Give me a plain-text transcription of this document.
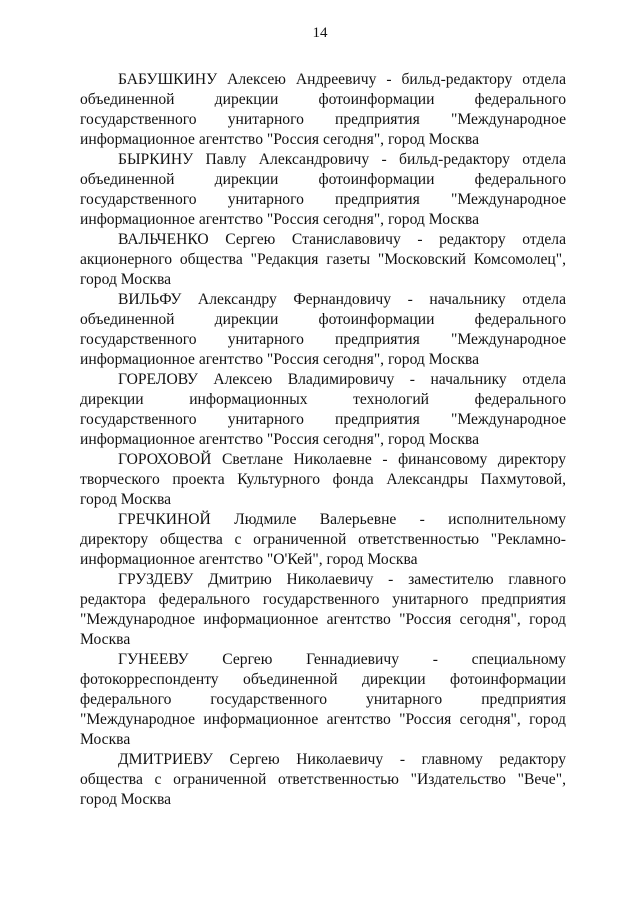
14

БАБУШКИНУ Алексею Андреевичу - бильд-редактору отдела
объединенной дирекции фотоинформации федерального
государственного унитарного предприятия "Международное
информационное агентство "Россия сегодня", город Москва

БЫРКИНУ Павлу Александровичу - бильд-редактору отдела
объединенной дирекции фотоинформации федерального
государственного унитарного предприятия "Международное
информационное агентство "Россия сегодня", город Москва

ВАЛЬЧЕНКО Сергею Станиславовичу - редактору отдела
акционерного общества "Редакция газеты "Московский Комсомолец",
город Москва

ВИЛЬФУ Александру Фернандовичу - начальнику отдела
объединенной дирекции фотоинформации федерального
государственного унитарного предприятия "Международное
информационное агентство "Россия сегодня", город Москва

ГОРЕЛОВУ Алексею Владимировичу - начальнику отдела
дирекции информационных технологий федерального
государственного унитарного предприятия "Международное
информационное агентство "Россия сегодня", город Москва

ГОРОХОВОЙ Светлане Николаевне - финансовому директору
творческого проекта Культурного фонда Александры Пахмутовой,
город Москва

ГРЕЧКИНОЙ Людмиле Валерьевне - исполнительному
директору общества с ограниченной ответственностью "Рекламно-
информационное агентство "О'Кей", город Москва

ГРУЗДЕВУ Дмитрию Николаевичу - заместителю главного
редактора федерального государственного унитарного предприятия
"Международное информационное агентство "Россия сегодня", город
Москва

ГУНЕЕВУ Сергею Геннадиевичу - специальному
фотокорреспонденту объединенной дирекции фотоинформации
федерального государственного унитарного предприятия
"Международное информационное агентство "Россия сегодня", город
Москва

ДМИТРИЕВУ Сергею Николаевичу - главному редактору
общества с ограниченной ответственностью "Издательство "Вече",
город Москва
